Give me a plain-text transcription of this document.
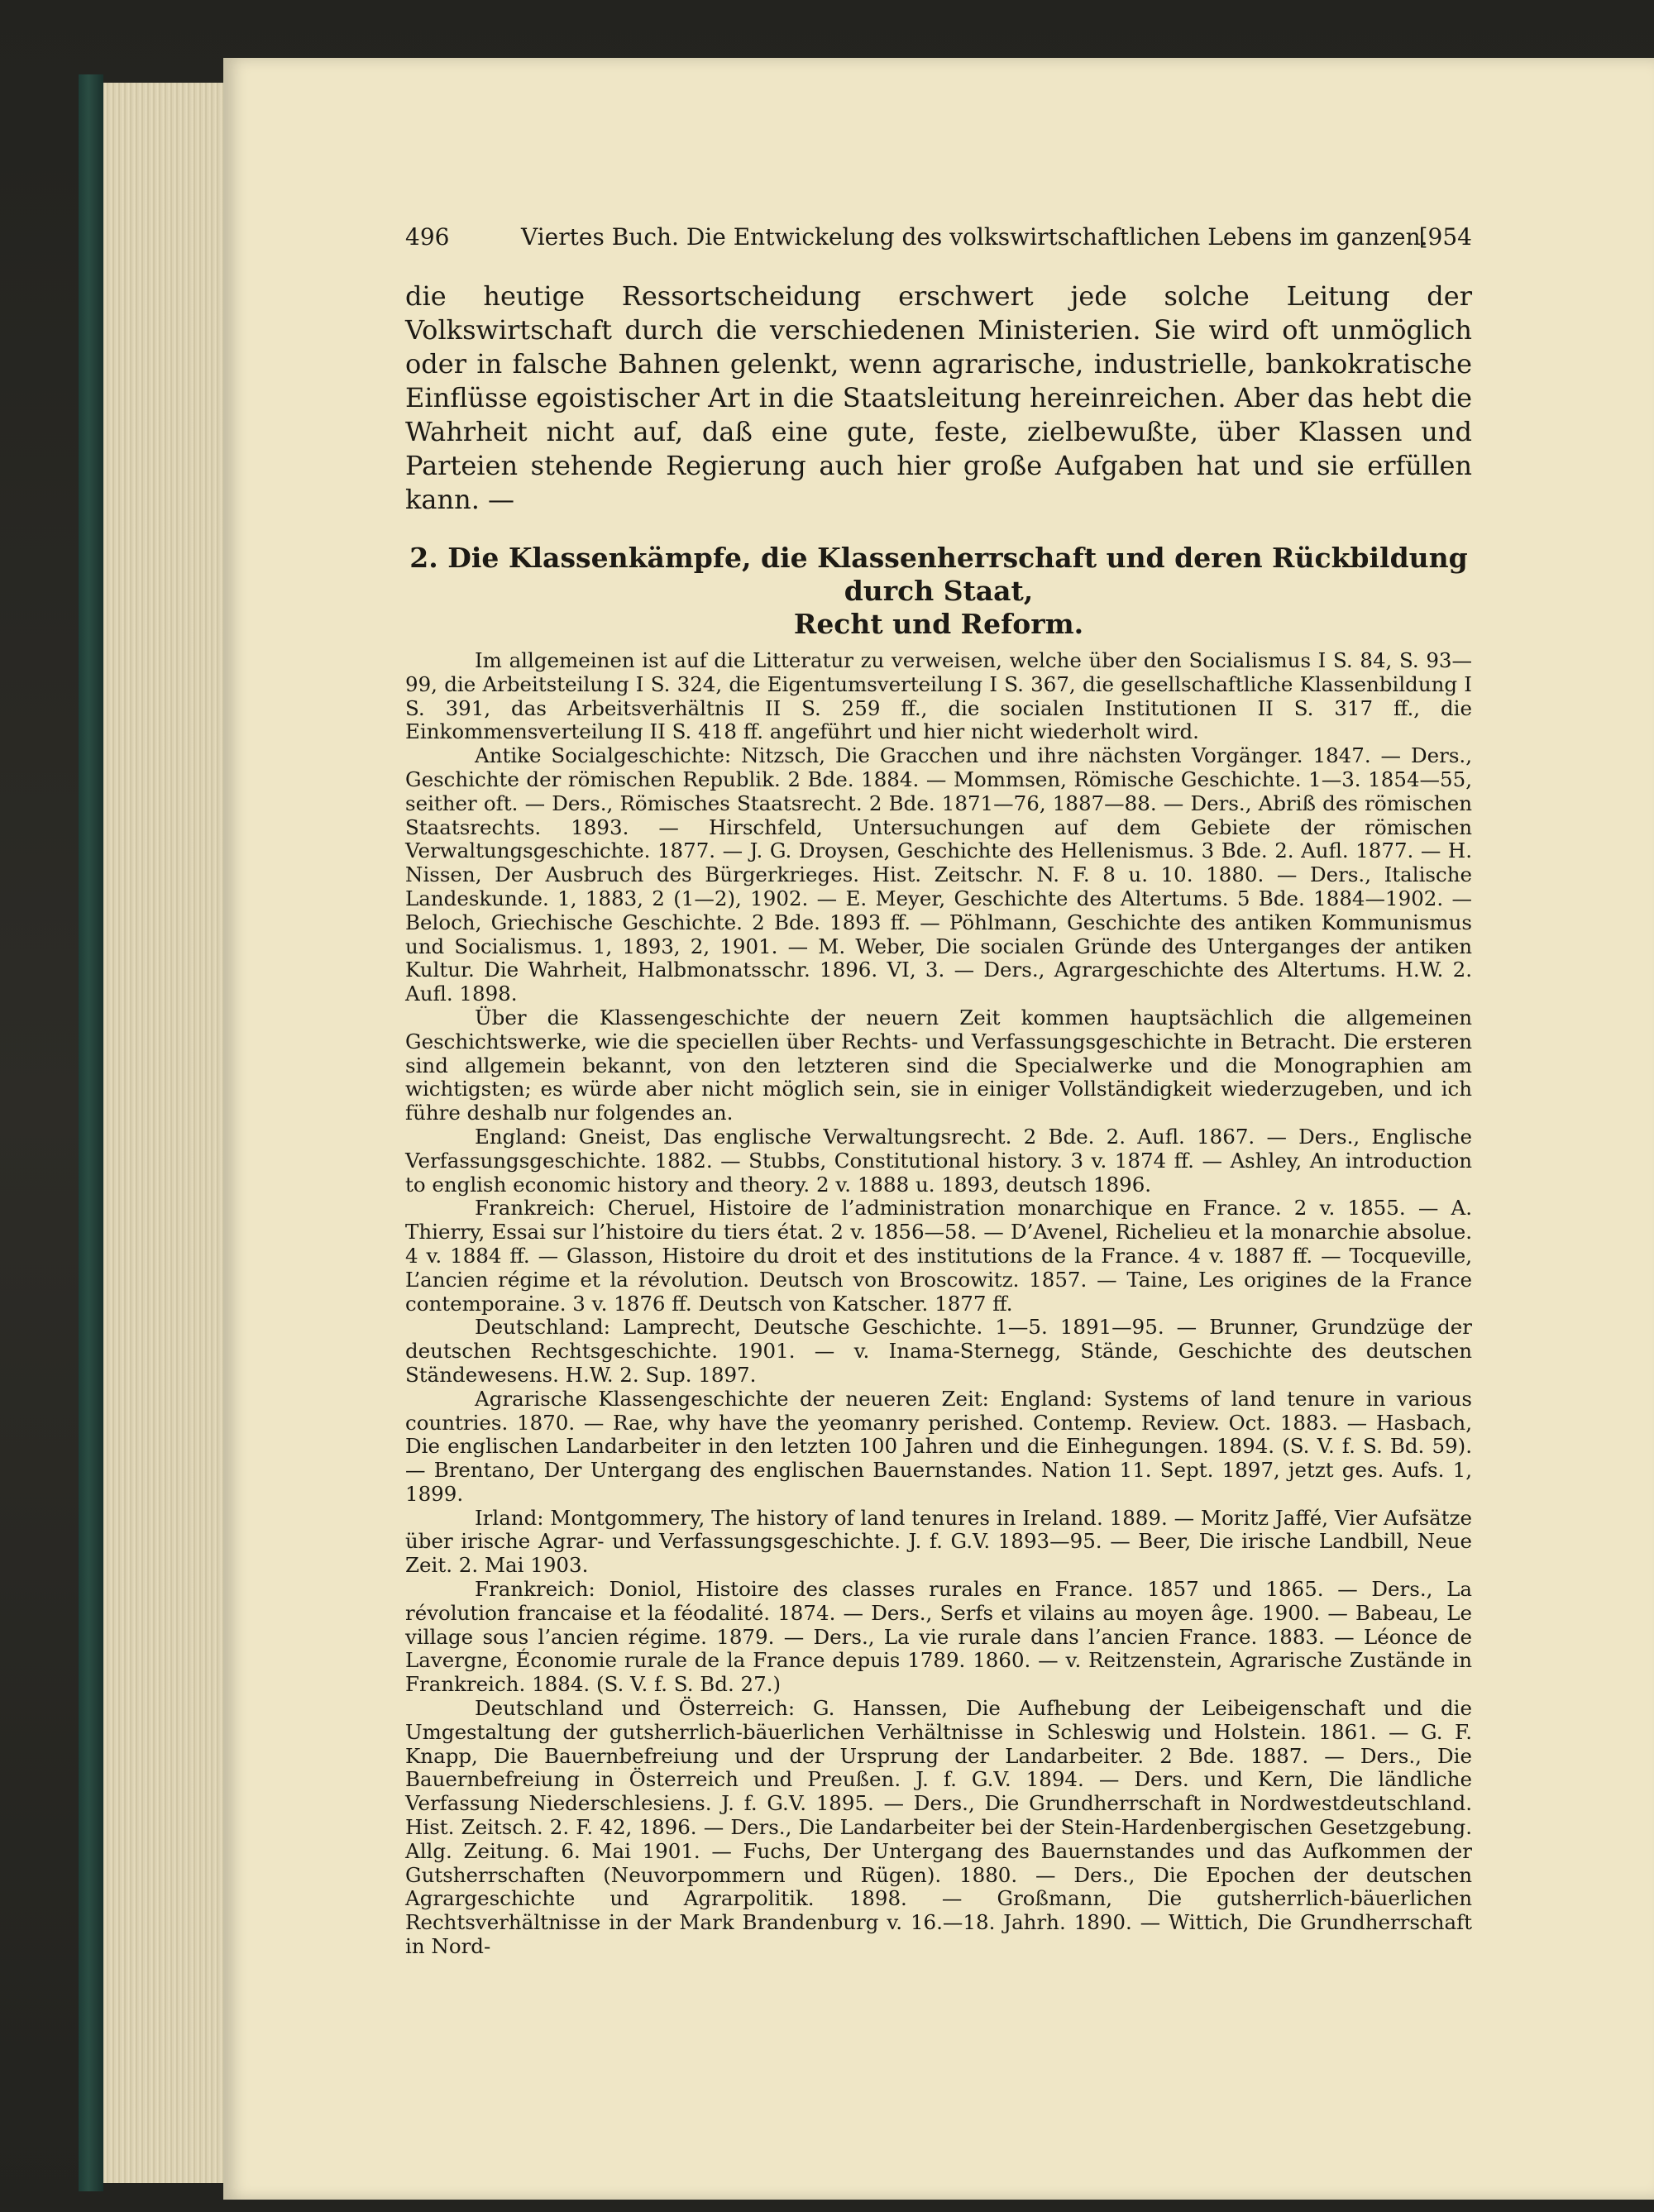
496	Viertes Buch. Die Entwickelung des volkswirtschaftlichen Lebens im ganzen.
[954
die heutige Ressortscheidung erschwert jede solche Leitung der Volkswirtschaft durch die verschiedenen Ministerien. Sie wird oft unmöglich oder in falsche Bahnen gelenkt, wenn agrarische, industrielle, bankokratische Einflüsse egoistischer Art in die Staatsleitung hereinreichen. Aber das hebt die Wahrheit nicht auf, daß eine gute, feste, zielbewußte, über Klassen und Parteien stehende Regierung auch hier große Aufgaben hat und sie erfüllen kann. —
2. Die Klassenkämpfe, die Klassenherrschaft und deren Rückbildung durch Staat,
Recht und Reform.

Im allgemeinen ist auf die Litteratur zu verweisen, welche über den Socialismus I S. 84, S. 93—99, die Arbeitsteilung I S. 324, die Eigentumsverteilung I S. 367, die gesellschaftliche Klassenbildung I S. 391, das Arbeitsverhältnis II S. 259 ff., die socialen Institutionen II S. 317 ff., die Einkommensverteilung II S. 418 ff. angeführt und hier nicht wiederholt wird.

Antike Socialgeschichte: Nitzsch, Die Gracchen und ihre nächsten Vorgänger. 1847. — Ders., Geschichte der römischen Republik. 2 Bde. 1884. — Mommsen, Römische Geschichte. 1—3. 1854—55, seither oft. — Ders., Römisches Staatsrecht. 2 Bde. 1871—76, 1887—88. — Ders., Abriß des römischen Staatsrechts. 1893. — Hirschfeld, Untersuchungen auf dem Gebiete der römischen Verwaltungsgeschichte. 1877. — J. G. Droysen, Geschichte des Hellenismus. 3 Bde. 2. Aufl. 1877. — H. Nissen, Der Ausbruch des Bürgerkrieges. Hist. Zeitschr. N. F. 8 u. 10. 1880. — Ders., Italische Landeskunde. 1, 1883, 2 (1—2), 1902. — E. Meyer, Geschichte des Altertums. 5 Bde. 1884—1902. — Beloch, Griechische Geschichte. 2 Bde. 1893 ff. — Pöhlmann, Geschichte des antiken Kommunismus und Socialismus. 1, 1893, 2, 1901. — M. Weber, Die socialen Gründe des Unterganges der antiken Kultur. Die Wahrheit, Halbmonatsschr. 1896. VI, 3. — Ders., Agrargeschichte des Altertums. H.W. 2. Aufl. 1898.

Über die Klassengeschichte der neuern Zeit kommen hauptsächlich die allgemeinen Geschichtswerke, wie die speciellen über Rechts- und Verfassungsgeschichte in Betracht. Die ersteren sind allgemein bekannt, von den letzteren sind die Specialwerke und die Monographien am wichtigsten; es würde aber nicht möglich sein, sie in einiger Vollständigkeit wiederzugeben, und ich führe deshalb nur folgendes an.

England: Gneist, Das englische Verwaltungsrecht. 2 Bde. 2. Aufl. 1867. — Ders., Englische Verfassungsgeschichte. 1882. — Stubbs, Constitutional history. 3 v. 1874 ff. — Ashley, An introduction to english economic history and theory. 2 v. 1888 u. 1893, deutsch 1896.

Frankreich: Cheruel, Histoire de l’administration monarchique en France. 2 v. 1855. — A. Thierry, Essai sur l’histoire du tiers état. 2 v. 1856—58. — D’Avenel, Richelieu et la monarchie absolue. 4 v. 1884 ff. — Glasson, Histoire du droit et des institutions de la France. 4 v. 1887 ff. — Tocqueville, L’ancien régime et la révolution. Deutsch von Broscowitz. 1857. — Taine, Les origines de la France contemporaine. 3 v. 1876 ff. Deutsch von Katscher. 1877 ff.

Deutschland: Lamprecht, Deutsche Geschichte. 1—5. 1891—95. — Brunner, Grundzüge der deutschen Rechtsgeschichte. 1901. — v. Inama-Sternegg, Stände, Geschichte des deutschen Ständewesens. H.W. 2. Sup. 1897.

Agrarische Klassengeschichte der neueren Zeit: England: Systems of land tenure in various countries. 1870. — Rae, why have the yeomanry perished. Contemp. Review. Oct. 1883. — Hasbach, Die englischen Landarbeiter in den letzten 100 Jahren und die Einhegungen. 1894. (S. V. f. S. Bd. 59). — Brentano, Der Untergang des englischen Bauernstandes. Nation 11. Sept. 1897, jetzt ges. Aufs. 1, 1899.

Irland: Montgommery, The history of land tenures in Ireland. 1889. — Moritz Jaffé, Vier Aufsätze über irische Agrar- und Verfassungsgeschichte. J. f. G.V. 1893—95. — Beer, Die irische Landbill, Neue Zeit. 2. Mai 1903.

Frankreich: Doniol, Histoire des classes rurales en France. 1857 und 1865. — Ders., La révolution francaise et la féodalité. 1874. — Ders., Serfs et vilains au moyen âge. 1900. — Babeau, Le village sous l’ancien régime. 1879. — Ders., La vie rurale dans l’ancien France. 1883. — Léonce de Lavergne, Économie rurale de la France depuis 1789. 1860. — v. Reitzenstein, Agrarische Zustände in Frankreich. 1884. (S. V. f. S. Bd. 27.)

Deutschland und Österreich: G. Hanssen, Die Aufhebung der Leibeigenschaft und die Umgestaltung der gutsherrlich-bäuerlichen Verhältnisse in Schleswig und Holstein. 1861. — G. F. Knapp, Die Bauernbefreiung und der Ursprung der Landarbeiter. 2 Bde. 1887. — Ders., Die Bauernbefreiung in Österreich und Preußen. J. f. G.V. 1894. — Ders. und Kern, Die ländliche Verfassung Niederschlesiens. J. f. G.V. 1895. — Ders., Die Grundherrschaft in Nordwestdeutschland. Hist. Zeitsch. 2. F. 42, 1896. — Ders., Die Landarbeiter bei der Stein-Hardenbergischen Gesetzgebung. Allg. Zeitung. 6. Mai 1901. — Fuchs, Der Untergang des Bauernstandes und das Aufkommen der Gutsherrschaften (Neuvorpommern und Rügen). 1880. — Ders., Die Epochen der deutschen Agrargeschichte und Agrarpolitik. 1898. — Großmann, Die gutsherrlich-bäuerlichen Rechtsverhältnisse in der Mark Brandenburg v. 16.—18. Jahrh. 1890. — Wittich, Die Grundherrschaft in Nord-
